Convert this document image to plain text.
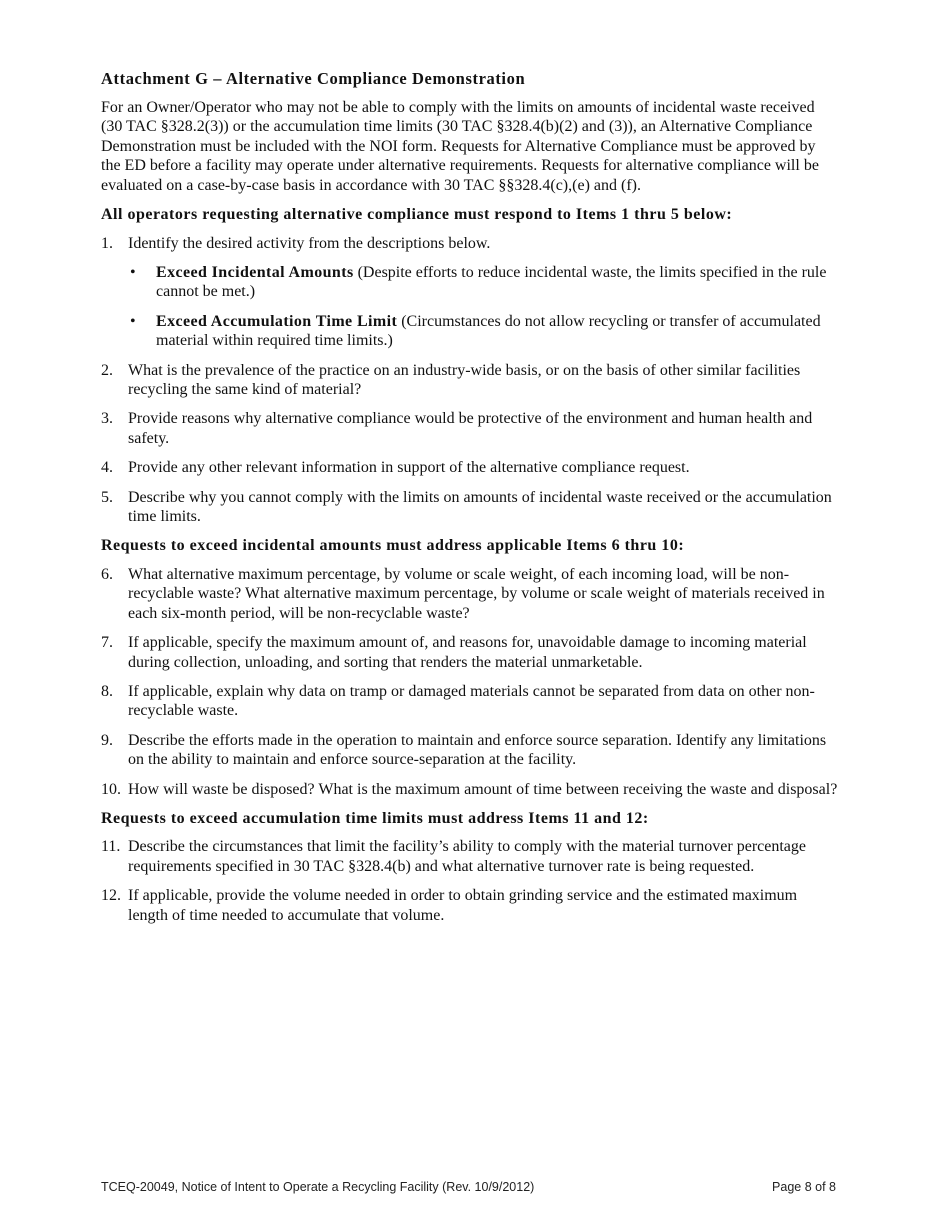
Attachment G – Alternative Compliance Demonstration

For an Owner/Operator who may not be able to comply with the limits on amounts of incidental waste received (30 TAC §328.2(3)) or the accumulation time limits (30 TAC §328.4(b)(2) and (3)), an Alternative Compliance Demonstration must be included with the NOI form. Requests for Alternative Compliance must be approved by the ED before a facility may operate under alternative requirements. Requests for alternative compliance will be evaluated on a case-by-case basis in accordance with 30 TAC §§328.4(c),(e) and (f).

All operators requesting alternative compliance must respond to Items 1 thru 5 below:
1. Identify the desired activity from the descriptions below.
• Exceed Incidental Amounts (Despite efforts to reduce incidental waste, the limits specified in the rule cannot be met.)
• Exceed Accumulation Time Limit (Circumstances do not allow recycling or transfer of accumulated material within required time limits.)
2. What is the prevalence of the practice on an industry-wide basis, or on the basis of other similar facilities recycling the same kind of material?
3. Provide reasons why alternative compliance would be protective of the environment and human health and safety.
4. Provide any other relevant information in support of the alternative compliance request.
5. Describe why you cannot comply with the limits on amounts of incidental waste received or the accumulation time limits.
Requests to exceed incidental amounts must address applicable Items 6 thru 10:
6. What alternative maximum percentage, by volume or scale weight, of each incoming load, will be non-recyclable waste? What alternative maximum percentage, by volume or scale weight of materials received in each six-month period, will be non-recyclable waste?
7. If applicable, specify the maximum amount of, and reasons for, unavoidable damage to incoming material during collection, unloading, and sorting that renders the material unmarketable.
8. If applicable, explain why data on tramp or damaged materials cannot be separated from data on other non-recyclable waste.
9. Describe the efforts made in the operation to maintain and enforce source separation. Identify any limitations on the ability to maintain and enforce source-separation at the facility.
10. How will waste be disposed? What is the maximum amount of time between receiving the waste and disposal?
Requests to exceed accumulation time limits must address Items 11 and 12:
11. Describe the circumstances that limit the facility’s ability to comply with the material turnover percentage requirements specified in 30 TAC §328.4(b) and what alternative turnover rate is being requested.
12. If applicable, provide the volume needed in order to obtain grinding service and the estimated maximum length of time needed to accumulate that volume.
TCEQ-20049, Notice of Intent to Operate a Recycling Facility (Rev. 10/9/2012)	Page 8 of 8
